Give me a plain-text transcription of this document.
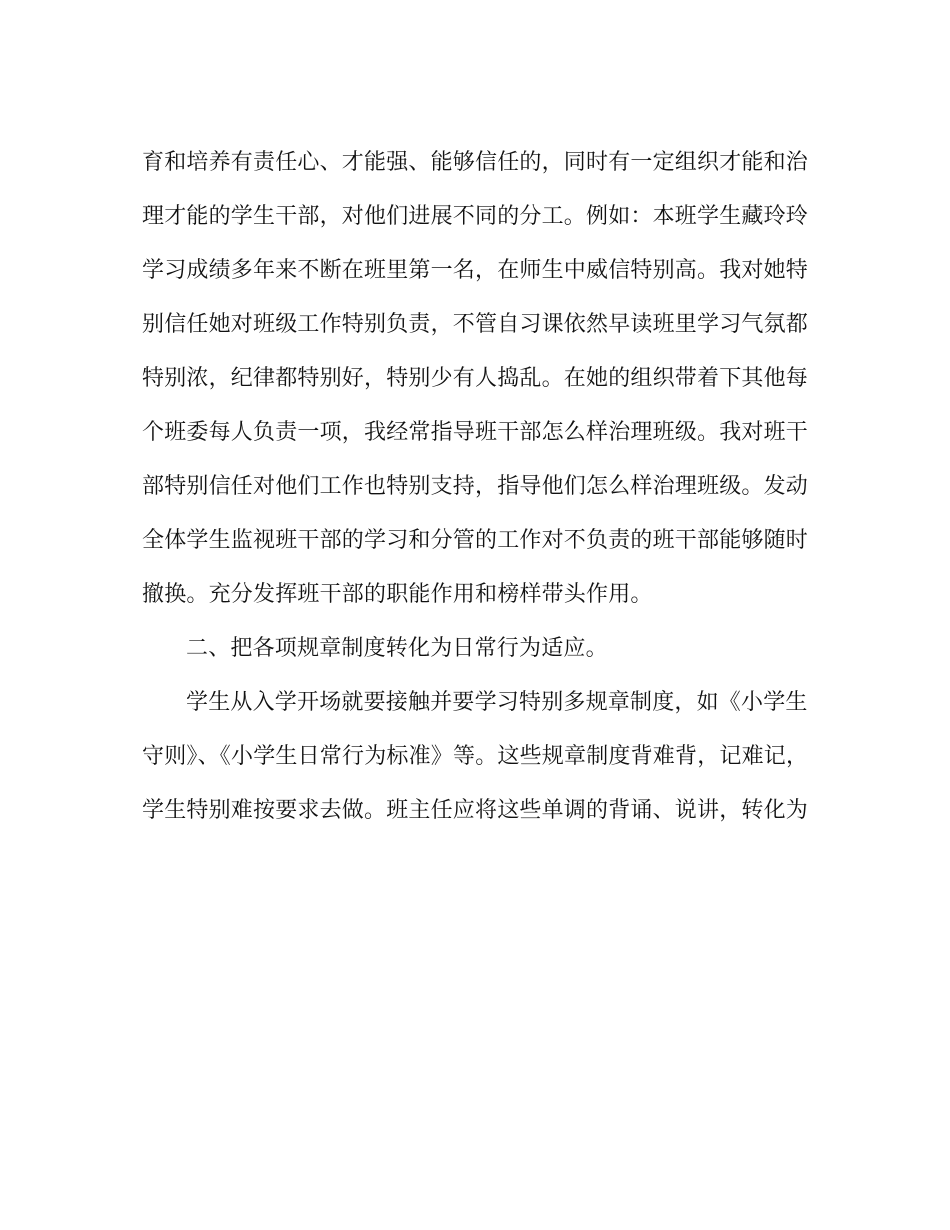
育和培养有责任心、才能强、能够信任的，同时有一定组织才能和治
理才能的学生干部，对他们进展不同的分工。例如：本班学生藏玲玲
学习成绩多年来不断在班里第一名，在师生中威信特别高。我对她特
别信任她对班级工作特别负责，不管自习课依然早读班里学习气氛都
特别浓，纪律都特别好，特别少有人捣乱。在她的组织带着下其他每
个班委每人负责一项，我经常指导班干部怎么样治理班级。我对班干
部特别信任对他们工作也特别支持，指导他们怎么样治理班级。发动
全体学生监视班干部的学习和分管的工作对不负责的班干部能够随时
撤换。充分发挥班干部的职能作用和榜样带头作用。
二、把各项规章制度转化为日常行为适应。
学生从入学开场就要接触并要学习特别多规章制度，如《小学生
守则》、《小学生日常行为标准》等。这些规章制度背难背，记难记，
学生特别难按要求去做。班主任应将这些单调的背诵、说讲，转化为
